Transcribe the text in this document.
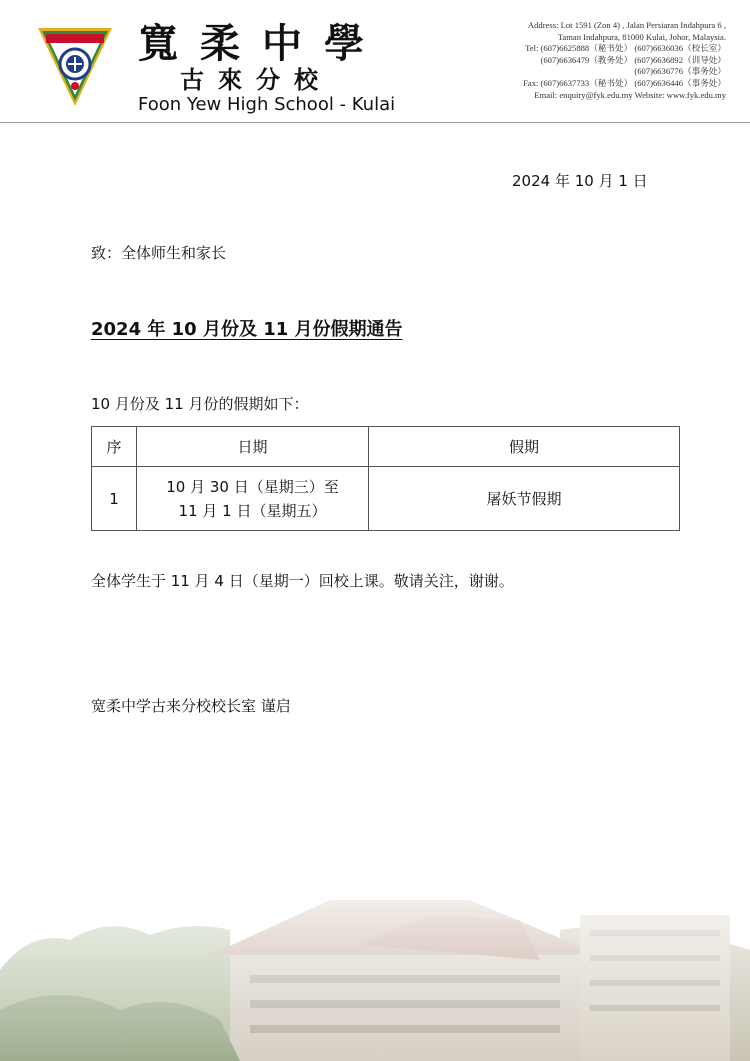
寬柔中學
古來分校
Foon Yew High School - Kulai
Address: Lot 1591 (Zon 4) , Jalan Persiaran Indahpura 6 ,
Taman Indahpura, 81000 Kulai, Johor, Malaysia.
Tel: (607)6625888（秘书处） (607)6636036（校长室）
(607)6636479（教务处） (607)6636892（训导处）
(607)6636776（事务处）
Fax: (607)6637733（秘书处） (607)6636446（事务处）
Email: enquiry@fyk.edu.my Website: www.fyk.edu.my
2024 年 10 月 1 日
致：全体师生和家长
2024 年 10 月份及 11 月份假期通告
10 月份及 11 月份的假期如下：
序	日期	假期
1	10 月 30 日（星期三）至
11 月 1 日（星期五）	屠妖节假期
全体学生于 11 月 4 日（星期一）回校上课。敬请关注，谢谢。
宽柔中学古来分校校长室 谨启
